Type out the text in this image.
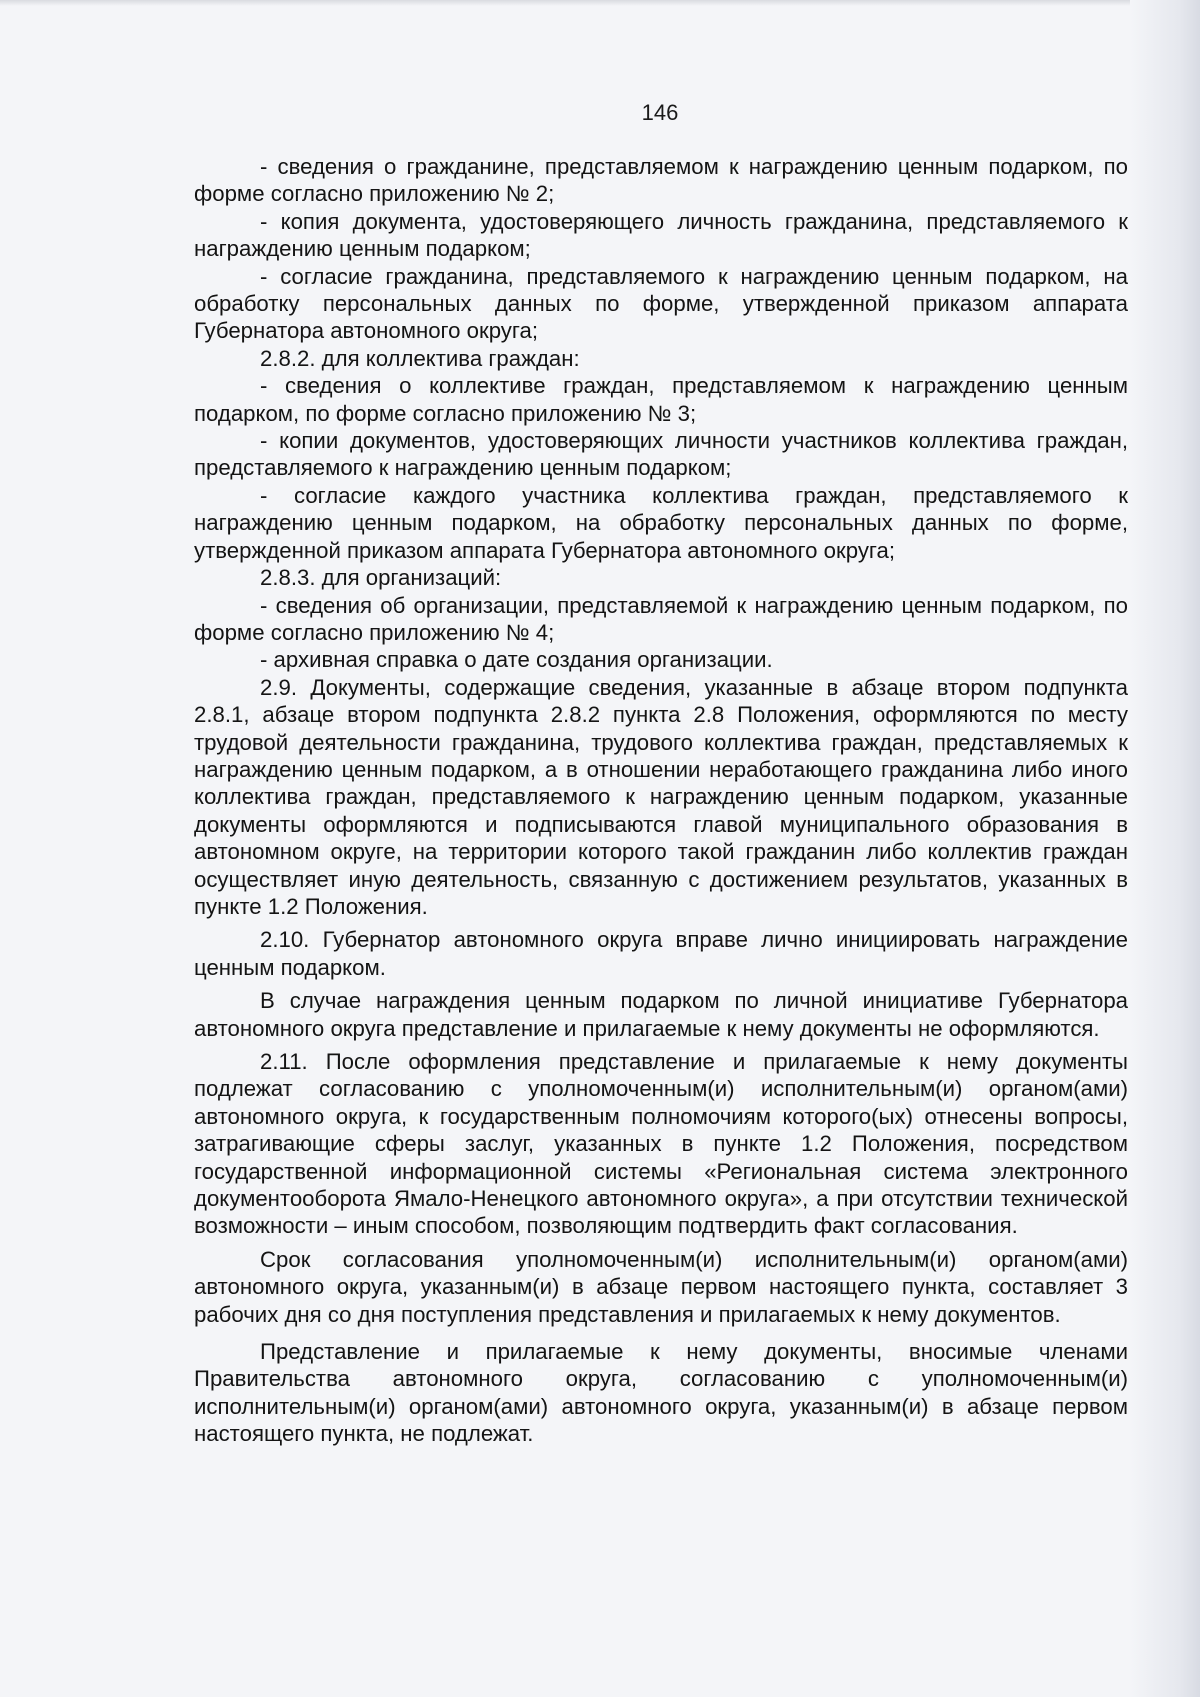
146

- сведения о гражданине, представляемом к награждению ценным подарком, по форме согласно приложению № 2;

- копия документа, удостоверяющего личность гражданина, представляемого к награждению ценным подарком;

- согласие гражданина, представляемого к награждению ценным подарком, на обработку персональных данных по форме, утвержденной приказом аппарата Губернатора автономного округа;

2.8.2. для коллектива граждан:

- сведения о коллективе граждан, представляемом к награждению ценным подарком, по форме согласно приложению № 3;

- копии документов, удостоверяющих личности участников коллектива граждан, представляемого к награждению ценным подарком;

- согласие каждого участника коллектива граждан, представляемого к награждению ценным подарком, на обработку персональных данных по форме, утвержденной приказом аппарата Губернатора автономного округа;

2.8.3. для организаций:

- сведения об организации, представляемой к награждению ценным подарком, по форме согласно приложению № 4;

- архивная справка о дате создания организации.

2.9. Документы, содержащие сведения, указанные в абзаце втором подпункта 2.8.1, абзаце втором подпункта 2.8.2 пункта 2.8 Положения, оформляются по месту трудовой деятельности гражданина, трудового коллектива граждан, представляемых к награждению ценным подарком, а в отношении неработающего гражданина либо иного коллектива граждан, представляемого к награждению ценным подарком, указанные документы оформляются и подписываются главой муниципального образования в автономном округе, на территории которого такой гражданин либо коллектив граждан осуществляет иную деятельность, связанную с достижением результатов, указанных в пункте 1.2 Положения.

2.10. Губернатор автономного округа вправе лично инициировать награждение ценным подарком.

В случае награждения ценным подарком по личной инициативе Губернатора автономного округа представление и прилагаемые к нему документы не оформляются.

2.11. После оформления представление и прилагаемые к нему документы подлежат согласованию с уполномоченным(и) исполнительным(и) органом(ами) автономного округа, к государственным полномочиям которого(ых) отнесены вопросы, затрагивающие сферы заслуг, указанных в пункте 1.2 Положения, посредством государственной информационной системы «Региональная система электронного документооборота Ямало-Ненецкого автономного округа», а при отсутствии технической возможности – иным способом, позволяющим подтвердить факт согласования.

Срок согласования уполномоченным(и) исполнительным(и) органом(ами) автономного округа, указанным(и) в абзаце первом настоящего пункта, составляет 3 рабочих дня со дня поступления представления и прилагаемых к нему документов.

Представление и прилагаемые к нему документы, вносимые членами Правительства автономного округа, согласованию с уполномоченным(и) исполнительным(и) органом(ами) автономного округа, указанным(и) в абзаце первом настоящего пункта, не подлежат.
